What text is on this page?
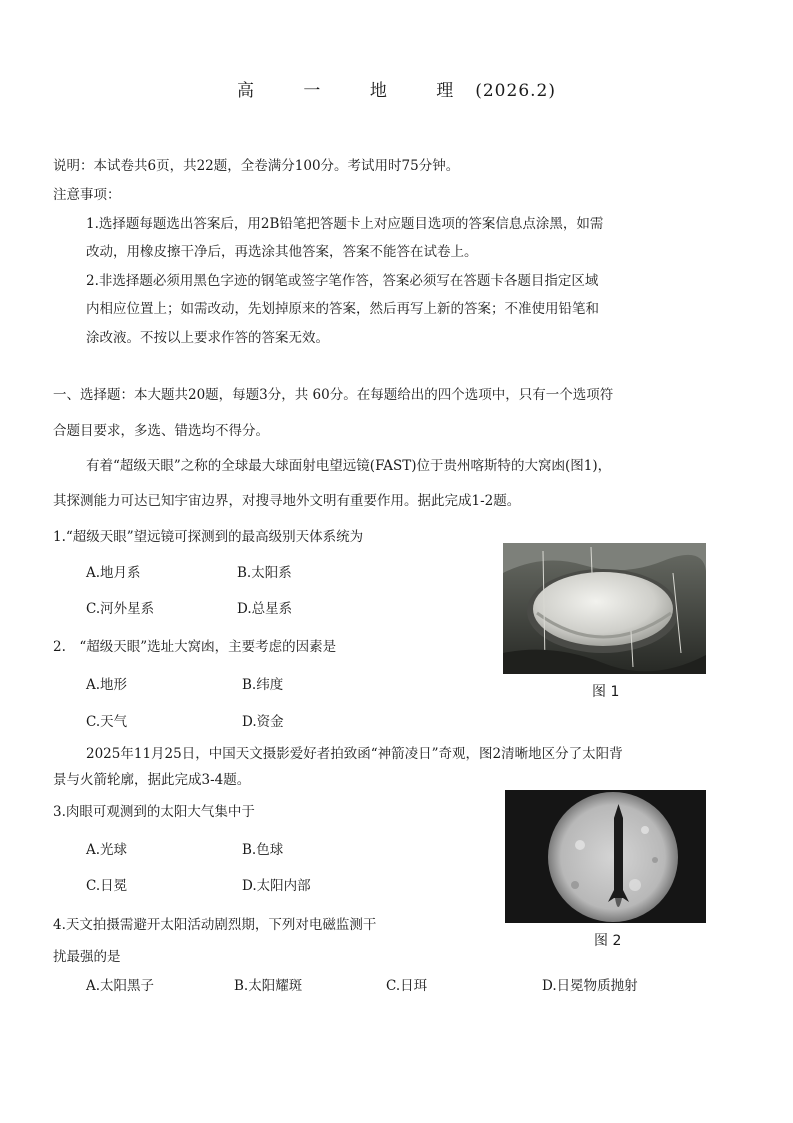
高 一 地 理(2026.2)
说明：本试卷共6页，共22题，全卷满分100分。考试用时75分钟。
注意事项：
1.选择题每题选出答案后，用2B铅笔把答题卡上对应题目选项的答案信息点涂黑，如需
改动，用橡皮擦干净后，再选涂其他答案，答案不能答在试卷上。
2.非选择题必须用黑色字迹的钢笔或签字笔作答，答案必须写在答题卡各题目指定区域
内相应位置上；如需改动，先划掉原来的答案，然后再写上新的答案；不准使用铅笔和
涂改液。不按以上要求作答的答案无效。
一、选择题：本大题共20题，每题3分，共 60分。在每题给出的四个选项中，只有一个选项符
合题目要求，多选、错选均不得分。
有着“超级天眼”之称的全球最大球面射电望远镜(FAST)位于贵州喀斯特的大窝凼(图1)，
其探测能力可达已知宇宙边界，对搜寻地外文明有重要作用。据此完成1-2题。
1.“超级天眼”望远镜可探测到的最高级别天体系统为
A.地月系	B.太阳系
C.河外星系	D.总星系
2.　“超级天眼”选址大窝凼，主要考虑的因素是
A.地形	B.纬度
C.天气	D.资金
图 1
2025年11月25日，中国天文摄影爱好者拍致函“神箭凌日”奇观，图2清晰地区分了太阳背
景与火箭轮廓，据此完成3-4题。
3.肉眼可观测到的太阳大气集中于
A.光球	B.色球
C.日冕	D.太阳内部
图 2
4.天文拍摄需避开太阳活动剧烈期，下列对电磁监测干
扰最强的是
A.太阳黑子	B.太阳耀斑	C.日珥	D.日冕物质抛射
